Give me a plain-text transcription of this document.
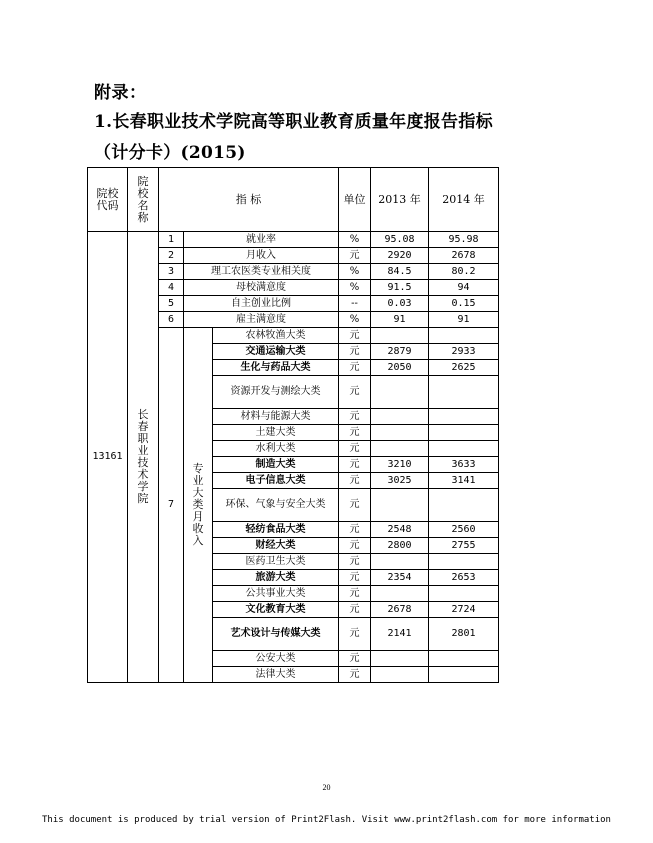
附录：
1.长春职业技术学院高等职业教育质量年度报告指标（计分卡）(2015)
院校代码	院校名称	指 标			单位	2013 年	2014 年
13161	长春职业技术学院	1	就业率		%	95.08	95.98
		2	月收入		元	2920	2678
		3	理工农医类专业相关度		%	84.5	80.2
		4	母校满意度		%	91.5	94
		5	自主创业比例		--	0.03	0.15
		6	雇主满意度		%	91	91
		7	专业大类月收入	农林牧渔大类	元		
				交通运输大类	元	2879	2933
				生化与药品大类	元	2050	2625
				资源开发与测绘大类	元		
				材料与能源大类	元		
				土建大类	元		
				水利大类	元		
				制造大类	元	3210	3633
				电子信息大类	元	3025	3141
				环保、气象与安全大类	元		
				轻纺食品大类	元	2548	2560
				财经大类	元	2800	2755
				医药卫生大类	元		
				旅游大类	元	2354	2653
				公共事业大类	元		
				文化教育大类	元	2678	2724
				艺术设计与传媒大类	元	2141	2801
				公安大类	元		
				法律大类	元		
20
This document is produced by trial version of Print2Flash. Visit www.print2flash.com for more information
